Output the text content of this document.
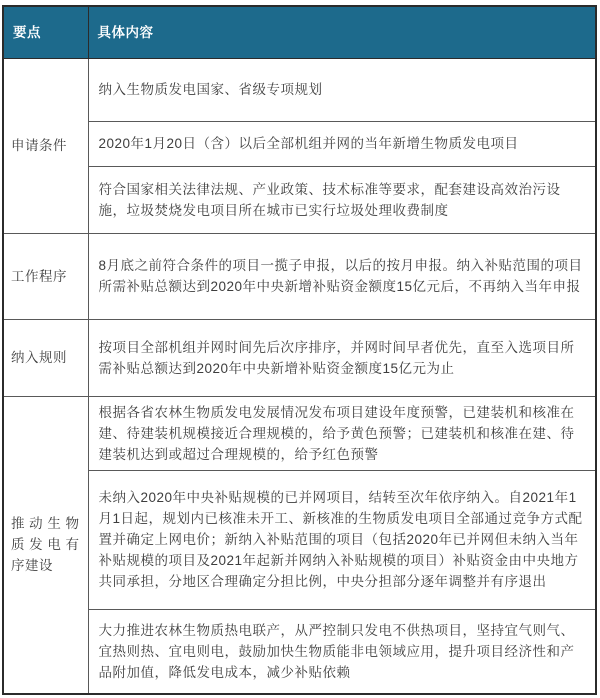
要点	具体内容
申请条件	纳入生物质发电国家、省级专项规划
	2020年1月20日（含）以后全部机组并网的当年新增生物质发电项目
	符合国家相关法律法规、产业政策、技术标准等要求，配套建设高效治污设施，垃圾焚烧发电项目所在城市已实行垃圾处理收费制度
工作程序	8月底之前符合条件的项目一揽子申报，以后的按月申报。纳入补贴范围的项目所需补贴总额达到2020年中央新增补贴资金额度15亿元后，不再纳入当年申报
纳入规则	按项目全部机组并网时间先后次序排序，并网时间早者优先，直至入选项目所需补贴总额达到2020年中央新增补贴资金额度15亿元为止
推动生物质发电有序建设	根据各省农林生物质发电发展情况发布项目建设年度预警，已建装机和核准在建、待建装机规模接近合理规模的，给予黄色预警；已建装机和核准在建、待建装机达到或超过合理规模的，给予红色预警
	未纳入2020年中央补贴规模的已并网项目，结转至次年依序纳入。自2021年1月1日起，规划内已核准未开工、新核准的生物质发电项目全部通过竞争方式配置并确定上网电价；新纳入补贴范围的项目（包括2020年已并网但未纳入当年补贴规模的项目及2021年起新并网纳入补贴规模的项目）补贴资金由中央地方共同承担，分地区合理确定分担比例，中央分担部分逐年调整并有序退出
	大力推进农林生物质热电联产，从严控制只发电不供热项目，坚持宜气则气、宜热则热、宜电则电，鼓励加快生物质能非电领域应用，提升项目经济性和产品附加值，降低发电成本，减少补贴依赖
